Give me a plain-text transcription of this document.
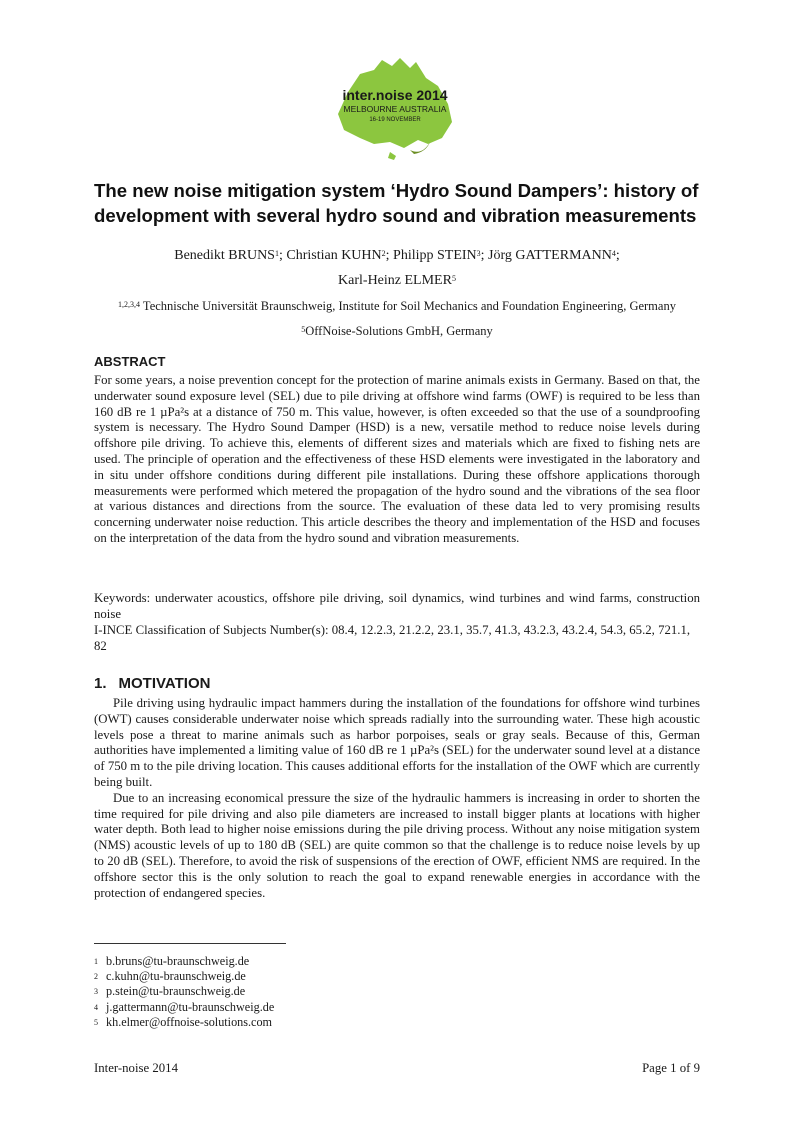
inter.noise 2014
MELBOURNE AUSTRALIA
16-19 NOVEMBER
The new noise mitigation system ‘Hydro Sound Dampers’: history of development with several hydro sound and vibration measurements
Benedikt BRUNS$^1$; Christian KUHN$^2$; Philipp STEIN$^3$; Jörg GATTERMANN$^4$;
Karl-Heinz ELMER$^5$
$^{1,2,3,4}$ Technische Universität Braunschweig, Institute for Soil Mechanics and Foundation Engineering, Germany
$^5$OffNoise-Solutions GmbH, Germany
ABSTRACT
For some years, a noise prevention concept for the protection of marine animals exists in Germany. Based on that, the underwater sound exposure level (SEL) due to pile driving at offshore wind farms (OWF) is required to be less than 160 dB re 1 µPa²s at a distance of 750 m. This value, however, is often exceeded so that the use of a soundproofing system is necessary. The Hydro Sound Damper (HSD) is a new, versatile method to reduce noise levels during offshore pile driving. To achieve this, elements of different sizes and materials which are fixed to fishing nets are used. The principle of operation and the effectiveness of these HSD elements were investigated in the laboratory and in situ under offshore conditions during different pile installations. During these offshore applications thorough measurements were performed which metered the propagation of the hydro sound and the vibrations of the sea floor at various distances and directions from the source. The evaluation of these data led to very promising results concerning underwater noise reduction. This article describes the theory and implementation of the HSD and focuses on the interpretation of the data from the hydro sound and vibration measurements.
Keywords: underwater acoustics, offshore pile driving, soil dynamics, wind turbines and wind farms, construction noise
I-INCE Classification of Subjects Number(s): 08.4, 12.2.3, 21.2.2, 23.1, 35.7, 41.3, 43.2.3, 43.2.4, 54.3, 65.2, 721.1, 82
1. MOTIVATION

Pile driving using hydraulic impact hammers during the installation of the foundations for offshore wind turbines (OWT) causes considerable underwater noise which spreads radially into the surrounding water. These high acoustic levels pose a threat to marine animals such as harbor porpoises, seals or gray seals. Because of this, German authorities have implemented a limiting value of 160 dB re 1 µPa²s (SEL) for the underwater sound level at a distance of 750 m to the pile driving location. This causes additional efforts for the installation of the OWF which are currently being built.

Due to an increasing economical pressure the size of the hydraulic hammers is increasing in order to shorten the time required for pile driving and also pile diameters are increased to install bigger plants at locations with higher water depth. Both lead to higher noise emissions during the pile driving process. Without any noise mitigation system (NMS) acoustic levels of up to 180 dB (SEL) are quite common so that the challenge is to reduce noise levels by up to 20 dB (SEL). Therefore, to avoid the risk of suspensions of the erection of OWF, efficient NMS are required. In the offshore sector this is the only solution to reach the goal to expand renewable energies in accordance with the protection of endangered species.

1 b.bruns@tu-braunschweig.de
2 c.kuhn@tu-braunschweig.de
3 p.stein@tu-braunschweig.de
4 j.gattermann@tu-braunschweig.de
5 kh.elmer@offnoise-solutions.com
Inter-noise 2014	Page 1 of 9
